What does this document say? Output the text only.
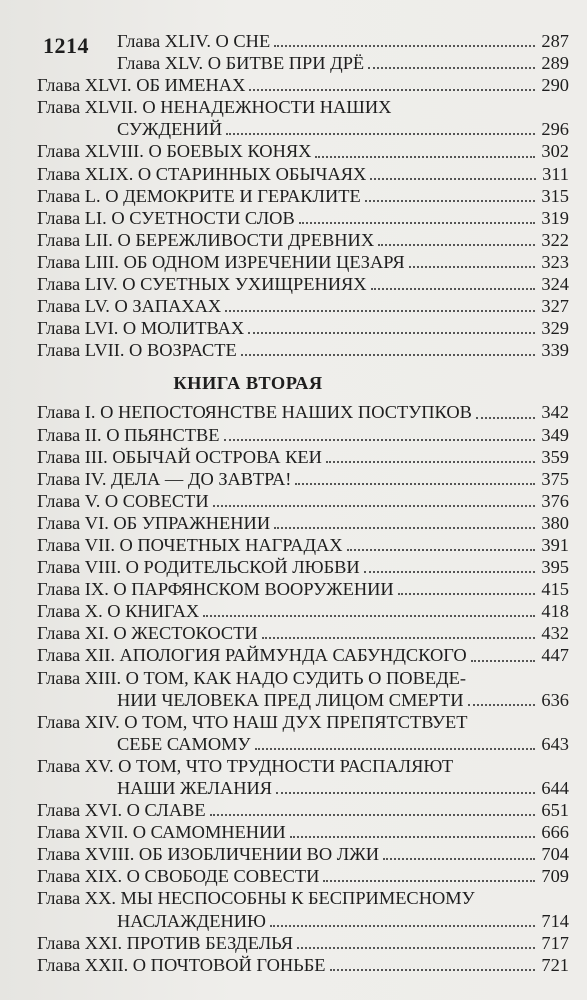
1214 Глава XLIV. О СНЕ	287
Глава XLV. О БИТВЕ ПРИ ДРЁ	289
Глава XLVI. ОБ ИМЕНАХ	290
Глава XLVII. О НЕНАДЕЖНОСТИ НАШИХ
СУЖДЕНИЙ	296
Глава XLVIII. О БОЕВЫХ КОНЯХ	302
Глава XLIX. О СТАРИННЫХ ОБЫЧАЯХ	311
Глава L. О ДЕМОКРИТЕ И ГЕРАКЛИТЕ	315
Глава LI. О СУЕТНОСТИ СЛОВ	319
Глава LII. О БЕРЕЖЛИВОСТИ ДРЕВНИХ	322
Глава LIII. ОБ ОДНОМ ИЗРЕЧЕНИИ ЦЕЗАРЯ	323
Глава LIV. О СУЕТНЫХ УХИЩРЕНИЯХ	324
Глава LV. О ЗАПАХАХ	327
Глава LVI. О МОЛИТВАХ	329
Глава LVII. О ВОЗРАСТЕ	339
КНИГА ВТОРАЯ
Глава I. О НЕПОСТОЯНСТВЕ НАШИХ ПОСТУПКОВ	342
Глава II. О ПЬЯНСТВЕ	349
Глава III. ОБЫЧАЙ ОСТРОВА КЕИ	359
Глава IV. ДЕЛА — ДО ЗАВТРА!	375
Глава V. О СОВЕСТИ	376
Глава VI. ОБ УПРАЖНЕНИИ	380
Глава VII. О ПОЧЕТНЫХ НАГРАДАХ	391
Глава VIII. О РОДИТЕЛЬСКОЙ ЛЮБВИ	395
Глава IX. О ПАРФЯНСКОМ ВООРУЖЕНИИ	415
Глава X. О КНИГАХ	418
Глава XI. О ЖЕСТОКОСТИ	432
Глава XII. АПОЛОГИЯ РАЙМУНДА САБУНДСКОГО	447
Глава XIII. О ТОМ, КАК НАДО СУДИТЬ О ПОВЕДЕ-
НИИ ЧЕЛОВЕКА ПРЕД ЛИЦОМ СМЕРТИ	636
Глава XIV. О ТОМ, ЧТО НАШ ДУХ ПРЕПЯТСТВУЕТ
СЕБЕ САМОМУ	643
Глава XV. О ТОМ, ЧТО ТРУДНОСТИ РАСПАЛЯЮТ
НАШИ ЖЕЛАНИЯ	644
Глава XVI. О СЛАВЕ	651
Глава XVII. О САМОМНЕНИИ	666
Глава XVIII. ОБ ИЗОБЛИЧЕНИИ ВО ЛЖИ	704
Глава XIX. О СВОБОДЕ СОВЕСТИ	709
Глава XX. МЫ НЕСПОСОБНЫ К БЕСПРИМЕСНОМУ
НАСЛАЖДЕНИЮ	714
Глава XXI. ПРОТИВ БЕЗДЕЛЬЯ	717
Глава XXII. О ПОЧТОВОЙ ГОНЬБЕ	721
